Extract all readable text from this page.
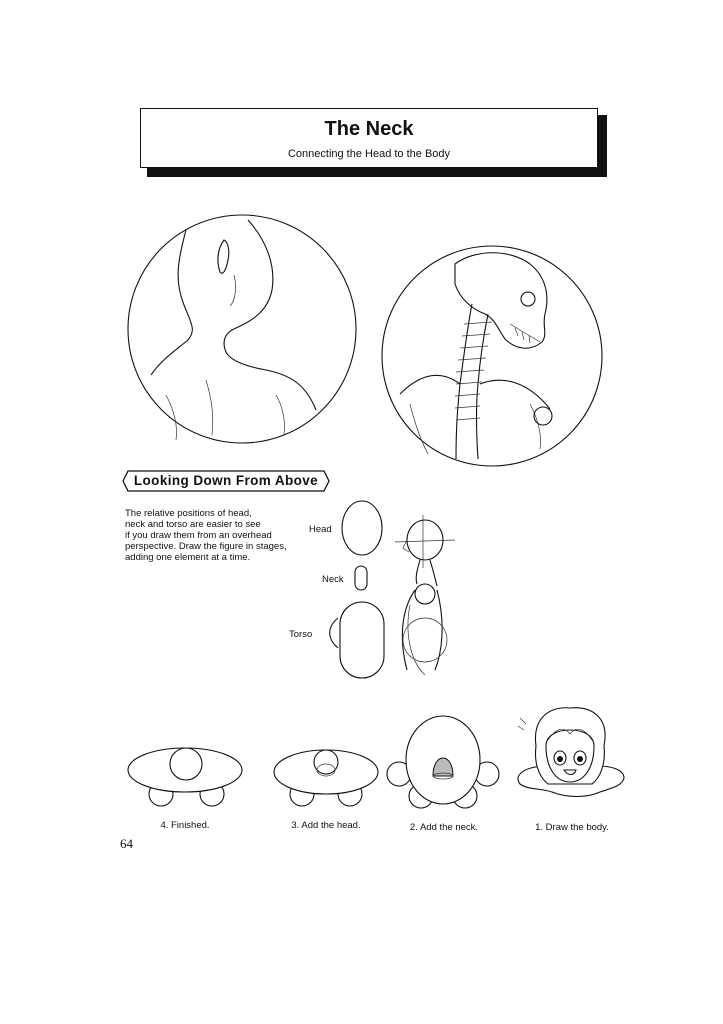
The Neck
Connecting the Head to the Body
Looking Down From Above
The relative positions of head,
neck and torso are easier to see
if you draw them from an overhead
perspective. Draw the figure in stages,
adding one element at a time.
Head
Neck
Torso
4. Finished.	3. Add the head.	2. Add the neck.	1. Draw the body.
64
